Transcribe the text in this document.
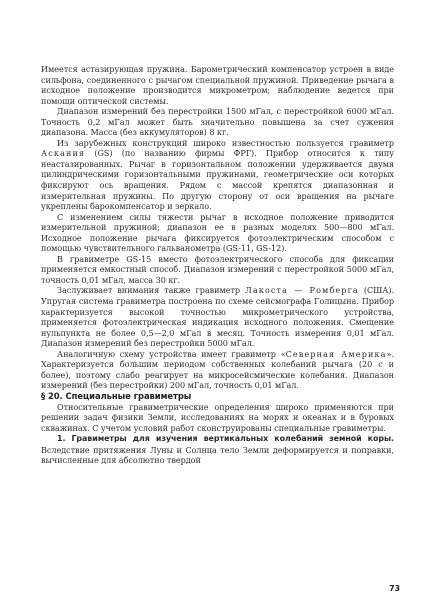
Имеется астазирующая пружина. Барометрический компенсатор устроен в виде сильфона, соединенного с рычагом специальной пружиной. Приведение рычага в исходное положение производится микрометром; наблюдение ведется при помощи оптической системы.

Диапазон измерений без перестройки 1500 мГал, с перестройкой 6000 мГал. Точность 0,2 мГал может быть значительно повышена за счет сужения диапазона. Масса (без аккумуляторов) 8 кг.

Из зарубежных конструкций широко известностью пользуется гравиметр Аскания (GS) (по названию фирмы ФРГ). Прибор относится к типу неастазированных. Рычаг в горизонтальном положении удерживается двумя цилиндрическими горизонтальными пружинами, геометрические оси которых фиксируют ось вращения. Рядом с массой крепятся диапазонная и измерительная пружины. По другую сторону от оси вращения на рычаге укреплены барокомпенсатор и зеркало.

С изменением силы тяжести рычаг в исходное положение приводится измерительной пружиной; диапазон ее в разных моделях 500—800 мГал. Исходное положение рычага фиксируется фотоэлектрическим способом с помощью чувствительного гальванометра (GS-11, GS-12).

В гравиметре GS-15 вместо фотоэлектрического способа для фиксации применяется емкостный способ. Диапазон измерений с перестройкой 5000 мГал, точность 0,01 мГал, масса 30 кг.

Заслуживает внимания также гравиметр Лакоста — Ромберга (США). Упругая система гравиметра построена по схеме сейсмографа Голицына. Прибор характеризуется высокой точностью микрометрического устройства, применяется фотоэлектрическая индикация исходного положения. Смещение нульпункта не более 0,5—2,0 мГал в месяц. Точность измерения 0,01 мГал. Диапазон измерений без перестройки 5000 мГал.

Аналогичную схему устройства имеет гравиметр «Северная Америка». Характеризуется большим периодом собственных колебаний рычага (20 с и более), поэтому слабо реагирует на микросейсмические колебания. Диапазон измерений (без перестройки) 200 мГал, точность 0,01 мГал.

§ 20. Специальные гравиметры

Относительные гравиметрические определения широко применяются при решении задач физики Земли, исследованиях на морях и океанах и в буровых скважинах. С учетом условий работ сконструированы специальные гравиметры.

1. Гравиметры для изучения вертикальных колебаний земной коры. Вследствие притяжения Луны и Солнца тело Земли деформируется и поправки, вычисленные для абсолютно твердой

73
